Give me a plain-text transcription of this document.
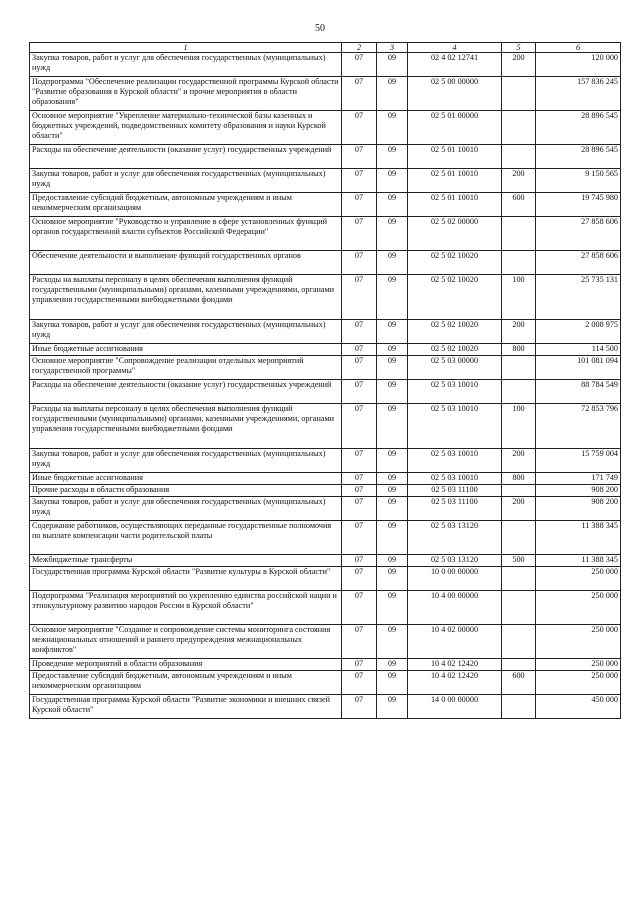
50
1	2	3	4	5	6
Закупка товаров, работ и услуг для обеспечения государственных (муниципальных) нужд	07	09	02 4 02 12741	200	120 000
Подпрограмма "Обеспечение реализации государственной программы Курской области "Развитие образования в Курской области" и прочие мероприятия в области образования"	07	09	02 5 00 00000		157 836 245
Основное мероприятие "Укрепление материально-технической базы казенных и бюджетных учреждений, подведомственных комитету образования и науки Курской области"	07	09	02 5 01 00000		28 896 545
Расходы на обеспечение деятельности (оказание услуг) государственных учреждений	07	09	02 5 01 10010		28 896 545
Закупка товаров, работ и услуг для обеспечения государственных (муниципальных) нужд	07	09	02 5 01 10010	200	9 150 565
Предоставление субсидий бюджетным, автономным учреждениям и иным некоммерческим организациям	07	09	02 5 01 10010	600	19 745 980
Основное мероприятие "Руководство и управление в сфере установленных функций органов государственной власти субъектов Российской Федерации"	07	09	02 5 02 00000		27 858 606
Обеспечение деятельности и выполнение функций государственных органов	07	09	02 5 02 10020		27 858 606
Расходы на выплаты персоналу в целях обеспечения выполнения функций государственными (муниципальными) органами, казенными учреждениями, органами управления государственными внебюджетными фондами	07	09	02 5 02 10020	100	25 735 131
Закупка товаров, работ и услуг для обеспечения государственных (муниципальных) нужд	07	09	02 5 02 10020	200	2 008 975
Иные бюджетные ассигнования	07	09	02 5 02 10020	800	114 500
Основное мероприятие "Сопровождение реализации отдельных мероприятий государственной программы"	07	09	02 5 03 00000		101 081 094
Расходы на обеспечение деятельности (оказание услуг) государственных учреждений	07	09	02 5 03 10010		88 784 549
Расходы на выплаты персоналу в целях обеспечения выполнения функций государственными (муниципальными) органами, казенными учреждениями, органами управления государственными внебюджетными фондами	07	09	02 5 03 10010	100	72 853 796
Закупка товаров, работ и услуг для обеспечения государственных (муниципальных) нужд	07	09	02 5 03 10010	200	15 759 004
Иные бюджетные ассигнования	07	09	02 5 03 10010	800	171 749
Прочие расходы в области образования	07	09	02 5 03 11100		908 200
Закупка товаров, работ и услуг для обеспечения государственных (муниципальных) нужд	07	09	02 5 03 11100	200	908 200
Содержание работников, осуществляющих переданные государственные полномочия по выплате компенсации части родительской платы	07	09	02 5 03 13120		11 388 345
Межбюджетные трансферты	07	09	02 5 03 13120	500	11 388 345
Государственная программа Курской области "Развитие культуры в Курской области"	07	09	10 0 00 00000		250 000
Подпрограмма "Реализация мероприятий по укреплению единства российской нации и этнокультурному развитию народов России в Курской области"	07	09	10 4 00 00000		250 000
Основное мероприятие "Создание и сопровождение системы мониторинга состояния межнациональных отношений и раннего предупреждения межнациональных конфликтов"	07	09	10 4 02 00000		250 000
Проведение мероприятий в области образования	07	09	10 4 02 12420		250 000
Предоставление субсидий бюджетным, автономным учреждениям и иным некоммерческим организациям	07	09	10 4 02 12420	600	250 000
Государственная программа Курской области "Развитие экономики и внешних связей Курской области"	07	09	14 0 00 00000		450 000
